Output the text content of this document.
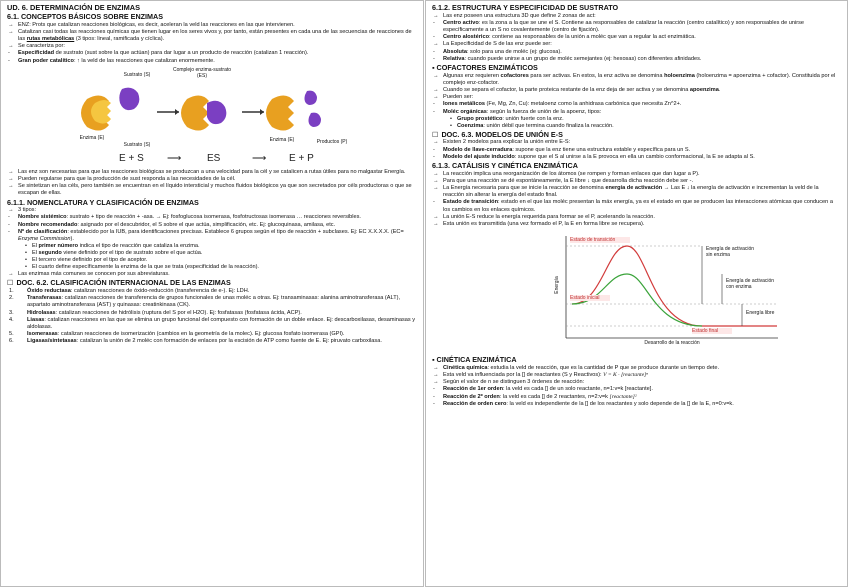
UD. 6. DETERMINACIÓN DE ENZIMAS

6.1. CONCEPTOS BÁSICOS SOBRE ENZIMAS

→ ENZ: Prots que catalizan reacciones biológicas, es decir, aceleran la veld las reacciones en las que intervienen.
→ Catalizan casi todas las reacciones químicas que tienen lugar en los seres vivos y, por tanto, están presentes en cada una de las secuencias de reacciones de las rutas metabólicas (3 tipos: lineal, ramificada y cíclica).
→ Se caracteriza por:
-	Especificidad de sustrato (sust sobre la que actúan) para dar lugar a un producto de reacción (catalizan 1 reacción).
-	Gran poder catalítico: ↑ la veld de las reacciones que catalizan enormemente.
Sustrato (S)
Complejo enzima-sustrato (ES)
Enzima (E)
Sustrato (S)
Enzima (E)	Productos (P)
E + S ⟶	ES	⟶ E + P
→ Las enz son necesarias para que las reacciones biológicas se produzcan a una velocidad para la cél y se catalicen a rutas útiles para no malgastar Energía.
→ Pueden regularse para que la producción de sust responda a las necesidades de la cél.
→ Se sintetizan en las céls, pero también se encuentran en el líquido intersticial y muchos fluidos biológicos ya que son secretados por céls productoras o que se escapan de ellas.

6.1.1. NOMENCLATURA Y CLASIFICACIÓN DE ENZIMAS

→ 3 tipos:
-	Nombre sistémico: sustrato + tipo de reacción + -asa. → Ej: fosfoglucosa isomerasa, fosfotructosas isomerasa … reacciones reversibles.
-	Nombre recomendado: asignado por el descubridor, el S sobre el que actúa, simplificación, etc. Ej: glucoquinasa, amilasa, etc.
-	Nº de clasificación: establecido por la IUB, para identificaciones precisas. Establece 6 grupos según el tipo de reacción + subclases. Ej: EC X.X.X.X. (EC= Enzyme Commission).
• El primer número indica el tipo de reacción que cataliza la enzima.
• El segundo viene definido por el tipo de sustrato sobre el que actúa.
• El tercero viene definido por el tipo de aceptor.
• El cuarto define específicamente la enzima de la que se trata (especificidad de la reacción).
→ Las enzimas más comunes se conocen por sus abreviaturas.

☐ DOC. 6.2. CLASIFICACIÓN INTERNACIONAL DE LAS ENZIMAS

1. Óxido reductasa: catalizan reacciones de óxido-reducción (transferencia de e-). Ej: LDH.
2. Transferasas: catalizan reacciones de transferencia de grupos funcionales de unas moléc a otras. Ej: transaminasas: alanina aminotransferasa (ALT), aspartato aminotransferasa (AST) y quinasas: creatinkinasa (CK).
3. Hidrolasas: catalizan reacciones de hidrólisis (ruptura del S por el H2O). Ej: fosfatasas (fosfatasa ácida, ACP).
4. Liasas: catalizan reacciones en las que se elimina un grupo funcional del compuesto con formación de un doble enlace. Ej: descarboxilasas, desaminasas y aldolasas.
5. Isomerasas: catalizan reacciones de isomerización (cambios en la geometría de la molec). Ej: glucosa fosfato isomerasa (GPI).
6. Ligasas/sintetasas: catalizan la unión de 2 moléc con formación de enlaces por la escisión de ATP como fuente de E. Ej: piruvato carboxilasa.

6.1.2. ESTRUCTURA Y ESPECIFICIDAD DE SUSTRATO

→ Las enz poseen una estructura 3D que define 2 zonas de act:
-	Centro activo: es la zona a la que se une el S. Contiene aa responsables de catalizar la reacción (centro catalítico) y son responsables de unirse específicamente a un S no covalentemente (centro de fijación).
-	Centro alostérico: contiene aa responsables de la unión a moléc que van a regular la act enzimática.
→ La Especificidad de S de las enz puede ser:
-	Absoluta: solo para una de moléc (ej: glucosa).
-	Relativa: cuando puede unirse a un grupo de moléc semejantes (ej: hexosas) con diferentes afinidades.

▪ COFACTORES ENZIMÁTICOS

→ Algunas enz requieren cofactores para ser activas. En estos, la enz activa se denomina holoenzima (holoenzima = apoenzima + cofactor). Constituida por el complejo enz-cofactor.
→ Cuando se separa el cofactor, la parte proteica restante de la enz deja de ser activa y se denomina apoenzima.
→ Pueden ser:
-	Iones metálicos (Fe, Mg, Zn, Cu): metaloenz como la anhidrasa carbónica que necesita Zn^2+.
-	Moléc orgánicas: según la fuerza de unión de la apoenz, tipos:
• Grupo prostético: unión fuerte con la enz.
• Coenzima: unión débil que termina cuando finaliza la reacción.

☐ DOC. 6.3. MODELOS DE UNIÓN E-S

→ Existen 2 modelos para explicar la unión entre E-S:
-	Modelo de llave-cerradura: supone que la enz tiene una estructura estable y específica para un S.
-	Modelo del ajuste inducido: supone que el S al unirse a la E provoca en ella un cambio conformacional, la E se adapta al S.

6.1.3. CATÁLISIS Y CINÉTICA ENZIMÁTICA

→ La reacción implica una reorganización de los átomos (se rompen y forman enlaces que dan lugar a P).
→ Para que una reacción se dé espontáneamente, la E libre ↓ que desarrolla dicha reacción debe ser -.
→ La Energía necesaria para que se inicie la reacción se denomina energía de activación → Las E ↓ la energía de activación e incrementan la veld de la reacción sin alterar la energía del estado final.
-	Estado de transición: estado en el que las moléc presentan la máx energía, ya es el estado en que se producen las interacciones atómicas que conducen a los cambios en los enlaces químicos.
→ La unión E-S reduce la energía requerida para formar se el P, acelerando la reacción.
→ Esta unión es transmitida (una vez formado el P, la E en forma libre se recupera).
Energía
Desarrollo de la reacción
Estado de transición
Estado inicial
Estado final
Energía de activación sin enzima
Energía de activación con enzima
Energía libre

▪ CINÉTICA ENZIMÁTICA

→ Cinética química: estudia la veld de reacción, que es la cantidad de P que se produce durante un tiempo dete.
→ Esta veld va influenciada por la [] de reactantes (S y Reactivos): V = K · [reactante]ⁿ
→ Según el valor de n se distinguen 3 órdenes de reacción:
-	Reacción de 1er orden: la veld es cada [] de un solo reactante, n=1:v=k [reactante].
-	Reacción de 2º orden: la veld es cada [] de 2 reactantes, n=2:v=k [reactante]²
-	Reacción de orden cero: la veld es independiente de la [] de los reactantes y solo depende de la [] de la E, n=0:v=k.
